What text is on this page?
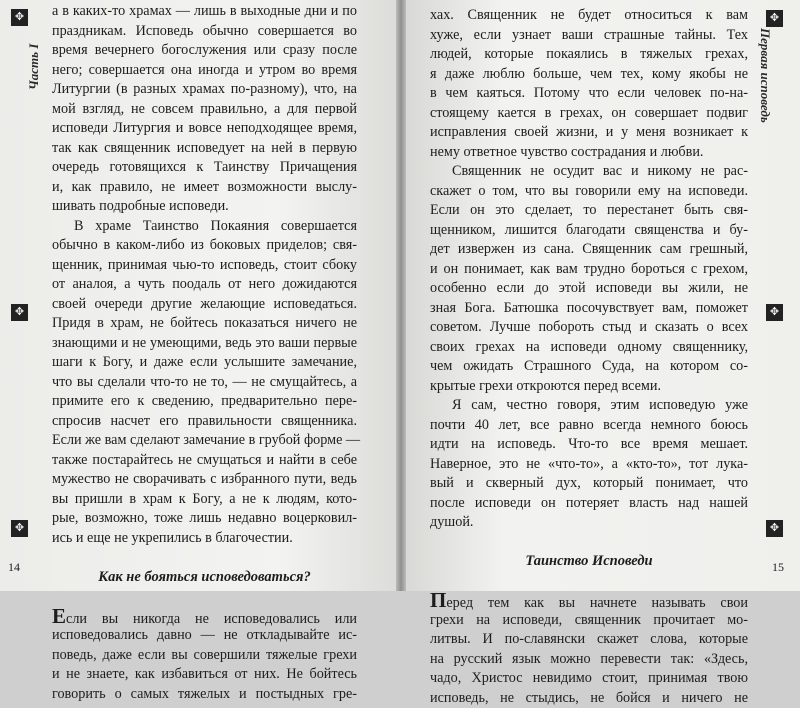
✥
Часть I
✥
✥
✥
Первая исповедь
✥
✥
а в каких-то храмах — лишь в выходные дни и по
праздникам. Исповедь обычно совершается во
время вечернего богослужения или сразу после
него; совершается она иногда и утром во время
Литургии (в разных храмах по-разному), что, на
мой взгляд, не совсем правильно, а для первой
исповеди Литургия и вовсе неподходящее время,
так как священник исповедует на ней в первую
очередь готовящихся к Таинству Причащения
и, как правило, не имеет возможности выслу-
шивать подробные исповеди.
В храме Таинство Покаяния совершается
обычно в каком-либо из боковых приделов; свя-
щенник, принимая чью-то исповедь, стоит сбоку
от аналоя, а чуть поодаль от него дожидаются
своей очереди другие желающие исповедаться.
Придя в храм, не бойтесь показаться ничего не
знающими и не умеющими, ведь это ваши первые
шаги к Богу, и даже если услышите замечание,
что вы сделали что-то не то, — не смущайтесь, а
примите его к сведению, предварительно пере-
спросив насчет его правильности священника.
Если же вам сделают замечание в грубой форме —
также постарайтесь не смущаться и найти в себе
мужество не сворачивать с избранного пути, ведь
вы пришли в храм к Богу, а не к людям, кото-
рые, возможно, тоже лишь недавно воцерковил-
ись и еще не укрепились в благочестии.
Как не бояться исповедоваться?
Если вы никогда не исповедовались или
исповедовались давно — не откладывайте ис-
поведь, даже если вы совершили тяжелые грехи
и не знаете, как избавиться от них. Не бойтесь
говорить о самых тяжелых и постыдных гре-
хах. Священник не будет относиться к вам
хуже, если узнает ваши страшные тайны. Тех
людей, которые покаялись в тяжелых грехах,
я даже люблю больше, чем тех, кому якобы не
в чем каяться. Потому что если человек по-на-
стоящему кается в грехах, он совершает подвиг
исправления своей жизни, и у меня возникает к
нему ответное чувство сострадания и любви.
Священник не осудит вас и никому не рас-
скажет о том, что вы говорили ему на исповеди.
Если он это сделает, то перестанет быть свя-
щенником, лишится благодати священства и бу-
дет извержен из сана. Священник сам грешный,
и он понимает, как вам трудно бороться с грехом,
особенно если до этой исповеди вы жили, не
зная Бога. Батюшка посочувствует вам, поможет
советом. Лучше побороть стыд и сказать о всех
своих грехах на исповеди одному священнику,
чем ожидать Страшного Суда, на котором со-
крытые грехи откроются перед всеми.
Я сам, честно говоря, этим исповедую уже
почти 40 лет, все равно всегда немного боюсь
идти на исповедь. Что-то все время мешает.
Наверное, это не «что-то», а «кто-то», тот лука-
вый и скверный дух, который понимает, что
после исповеди он потеряет власть над нашей
душой.
Таинство Исповеди
Перед тем как вы начнете называть свои
грехи на исповеди, священник прочитает мо-
литвы. И по-славянски скажет слова, которые
на русский язык можно перевести так: «Здесь,
чадо, Христос невидимо стоит, принимая твою
исповедь, не стыдись, не бойся и ничего не
14	15
